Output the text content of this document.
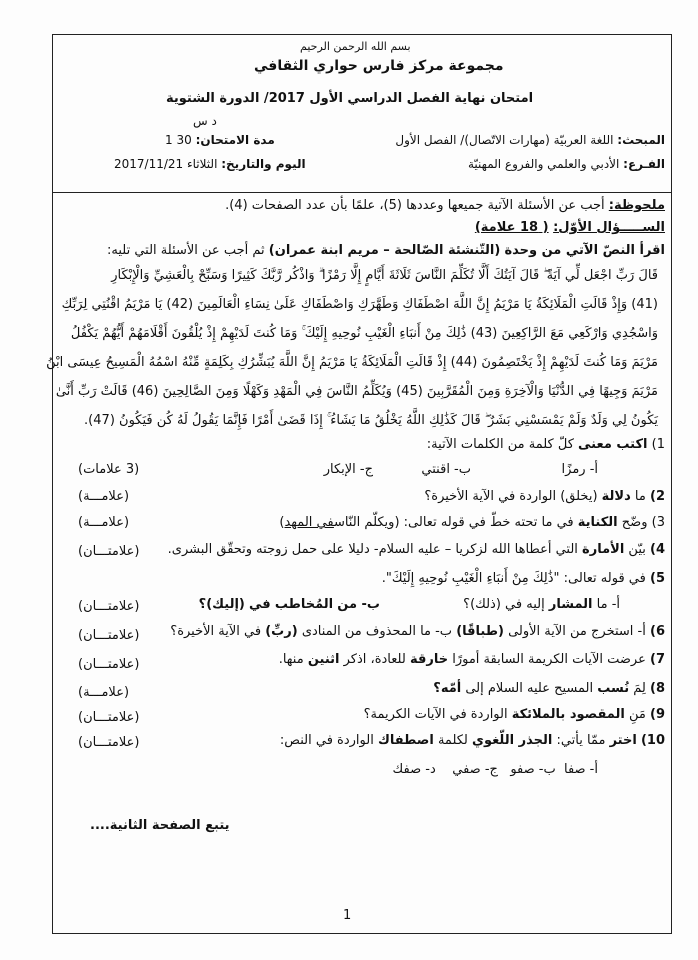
بسم الله الرحمن الرحيم
مجموعة مركز فارس حواري الثقافي
امتحان نهاية الفصل الدراسي الأول 2017/ الدورة الشتوية
د س
المبحث: اللغة العربيّة (مهارات الاتّصال)/ الفصل الأول
مدة الامتحان: 30 1
الفـرع: الأدبي والعلمي والفروع المهنيّة
اليوم والتاريخ: الثلاثاء 2017/11/21
ملحوظة: أجب عن الأسئلة الآتية جميعها وعددها (5)، علمًا بأن عدد الصفحات (4).
الســـــؤال الأوّل: ( 18 علامة)
اقرأ النصّ الآتي من وحدة (التّنشئة الصّالحة – مريم ابنة عمران) ثم أجب عن الأسئلة التي تليه:
قَالَ رَبِّ اجْعَل لِّي آيَةً ۖ قَالَ آيَتُكَ أَلَّا تُكَلِّمَ النَّاسَ ثَلَاثَةَ أَيَّامٍ إِلَّا رَمْزًا ۗ وَاذْكُر رَّبَّكَ كَثِيرًا وَسَبِّحْ بِالْعَشِيِّ وَالْإِبْكَارِ
(41) وَإِذْ قَالَتِ الْمَلَائِكَةُ يَا مَرْيَمُ إِنَّ اللَّهَ اصْطَفَاكِ وَطَهَّرَكِ وَاصْطَفَاكِ عَلَىٰ نِسَاءِ الْعَالَمِينَ (42) يَا مَرْيَمُ اقْنُتِي لِرَبِّكِ
وَاسْجُدِي وَارْكَعِي مَعَ الرَّاكِعِينَ (43) ذَٰلِكَ مِنْ أَنبَاءِ الْغَيْبِ نُوحِيهِ إِلَيْكَ ۚ وَمَا كُنتَ لَدَيْهِمْ إِذْ يُلْقُونَ أَقْلَامَهُمْ أَيُّهُمْ يَكْفُلُ
مَرْيَمَ وَمَا كُنتَ لَدَيْهِمْ إِذْ يَخْتَصِمُونَ (44) إِذْ قَالَتِ الْمَلَائِكَةُ يَا مَرْيَمُ إِنَّ اللَّهَ يُبَشِّرُكِ بِكَلِمَةٍ مِّنْهُ اسْمُهُ الْمَسِيحُ عِيسَى ابْنُ
مَرْيَمَ وَجِيهًا فِي الدُّنْيَا وَالْآخِرَةِ وَمِنَ الْمُقَرَّبِينَ (45) وَيُكَلِّمُ النَّاسَ فِي الْمَهْدِ وَكَهْلًا وَمِنَ الصَّالِحِينَ (46) قَالَتْ رَبِّ أَنَّىٰ
يَكُونُ لِي وَلَدٌ وَلَمْ يَمْسَسْنِي بَشَرٌ ۖ قَالَ كَذَٰلِكِ اللَّهُ يَخْلُقُ مَا يَشَاءُ ۚ إِذَا قَضَىٰ أَمْرًا فَإِنَّمَا يَقُولُ لَهُ كُن فَيَكُونُ (47).
1) اكتب معنى كلّ كلمة من الكلمات الآتية:
أ- رمزًا
ب- اقنتي
ج- الإبكار
(3 علامات)
2) ما دلالة (يخلق) الواردة في الآية الأخيرة؟
(علامـــة)
3) وضّح الكناية في ما تحته خطّ في قوله تعالى: (ويكلّم النّاسفي المهد)
(علامـــة)
4) بيّن الأمارة التي أعطاها الله لزكريا – عليه السلام- دليلا على حمل زوجته وتحقّق البشرى.
(علامتـــان)
5) في قوله تعالى: "ذَٰلِكَ مِنْ أَنبَاءِ الْغَيْبِ نُوحِيهِ إِلَيْكَ".
أ- ما المشار إليه في (ذلك)؟
ب- من المُخاطب في (إليك)؟
(علامتـــان)
6) أ- استخرج من الآية الأولى (طباقًا) ب- ما المحذوف من المنادى (ربِّ) في الآية الأخيرة؟
(علامتـــان)
7) عرضت الآيات الكريمة السابقة أمورًا خارقة للعادة، اذكر اثنين منها.
(علامتـــان)
8) لِمَ نُسب المسيح عليه السلام إلى أمّه؟
(علامـــة)
9) مَنِ المقصود بالملائكة الواردة في الآيات الكريمة؟
(علامتـــان)
10) اختر ممّا يأتي: الجذر اللّغوي لكلمة اصطفاك الواردة في النص:
(علامتـــان)
أ- صفا  ب- صفو   ج- صفي    د- صفك
يتبع الصفحة الثانية....
1
